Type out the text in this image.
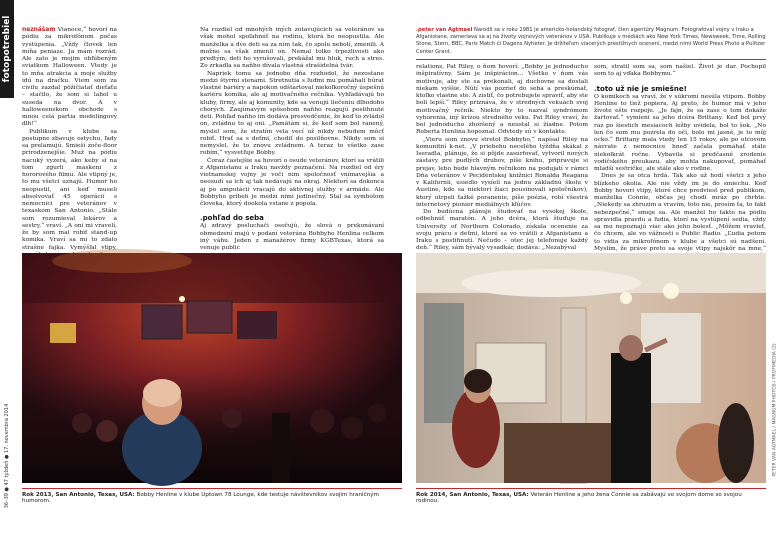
fotopotrebiel
36–39 ● 47 týždeň ● 17. novembra 2014

neznášam Vianoce,“ hovorí na pódiu za mikrofónom počas vystúpenia. „Vždy človek len míňa peniaze. Ja mám rozrád. Ale zato je mojim obľúbeným sviatkom Halloween. Vtedy je to mňa atrakcia a moje služby idú na dračku. Viem som za civilu zazdal pôžičiatať dieťaťu – stačilo, že som si lahol u suseda na dvor. A v halloweenskom obchode s mnou celá partia modelingový dlh!“

Publikum v klube sa postupne zbavuje ostychu, ľady sa prelamujú. Smieší zoče-floor prirodzenejšie. Muž na pódiu nacuký vyzerá, ako keby si na tom zgurli maskeni z hororového filmu. Ale vtipný je, to mu všetci uznajú. Humor ho neopustil, ani keď museli absolvovať 45 operácií s nemocnici pre veteránov v texaskom San Antonio. „Stále som rozumieval lekárov a sestry,“ vraví. „A oni mi vravelí, že by som mal robiť stand-up komika. Vraví sa mi to zdalo strašne fajka. Vymýšľal vtipy,

Na rozdiel od mnohých iných zotavujúcich sa veteránov sa však mohol spoľahnúť na rodinu, ktorá ho neopustila. Ale manželka a dve deti sa za ním tak, čo spolu nebolí, zmenili. A možno sa však zmenil on. Nemal tolko trpezlivosti ako predtým, deti ho vyrušovali, prekážal mu hluk, ruch a stres. Zo zrkadla sa naňho dívala vlastná strašidelná tvár.

Napriek tomu sa jednobo dňa rozhodol, že nezostane medzi štyrmi stenami. Stretnutia s ľuďmi mu pomáhali búrat vlastné bariéry a napokon odštartoval niekoľkoročný úspešnú kariéru komika, ale aj motivačného rečníka. Vyhľadávajú ho kluby, firmy, ale aj komunity, kde sa venujú liečeniu dlhodobo chorých. Zaujímavým spôsobom naňho reagujú postihnuté deti. Pohľad naňho im dodáva presvedčenie, že keď to zvládol on, zvládnu to aj oni. „Pamätám si, že keď som bol ranený, myslel som, že stratím vela vecí už nikdy nebudem môcť robiť. Hrať sa s deťmi, chodiť do posilňovne. Nikdy som si nemyslel, že to znovu zvládnem. A teraz to všetko zase robím,“ vysvetľuje Bobby.

Čoraz častejšie sa hovorí o osude veteránov, ktorí sa vrátili z Afganistanu a Iraku navždy poznačení. Na rozdiel od éry vietnamskej vojny je voči nim spoločnosť vnímavejšia a neosudí sa ich aj tak nedávajú na okraj. Niektorí sa dokonca aj po amputácii vracajú do aktívnej služby v armáde. Ale Bobbyho príbeh je medzi nimi jedinečný. Stal sa symbolom človeka, ktorý dookola vstane z popola.

.pohľad do seba

Aj zdravý posluchači osočujú, že slová o prekonávaní obmedzení majú v podaní veterána Bobbyho Henlina celkom iný váhu. Jeden z manažérov firmy KGBTexas, ktorá sa venuje public

.peter van Agtmael Narodil sa v roku 1981 je americko-holandský fotograf, člen agentúry Magnum. Fotografoval vojny v Iraku a Afganistane, zameriava sa aj na životy vojnových veteránov v USA. Publikuje v médiách ako New York Times, Newsweek, Time, Rolling Stone, Stern, BBC, Paris Match či Dagens Nyheter. Je držiteľom viacerých prestížnych ocenení, medzi nimi World Press Photo a Pulitzer Center Grant.

relations, Pat Riley, o ňom hovorí: „Bobby je jednoducho inšpiratívny. Sám je inšpirácion... Všetko v ňom vás motivuje, aby ste sa prekonali, aj duchovne sa dostali niekam vyššie. Nútí vás pozrieť do seba a preskúmať, ktoľko vlastne ste. A zistíť, čo potrebujete spraviť, aby ste boli lepší.“ Riley priznáva, že v stredných vekuách svoj mottivačný rečník. Niekto by to nazval syndrómom vyhorenia, iný krízou stredného veku. Pat Riley vraví, že bol jednoducho zhoršený a neustál si žiadne. Potom Roberta Henlina hopoznal. Odvtedy sú v kontakte.

„Vieru som znovu stretol Bobbyho,“ napísal Riley na komunitní k-net. „V priebehu necelého týždňa skákal z Iseradla, plánuje, že si pôjde zasurfovať, vytvoril nových zástavy pre pudlých drubov, píše knihu, pripravuje si prejav, lebo bude hlavným rečníkom na podujatí v rámci Dňa veteránov v Pecidentskej knižnici Ronalda Reagana v Kalifornii, usiedlo vysíelí na jednu základnú školu v Austine, kde sa niektorí žiaci pousinovali spoločníkov), ktorý utrpeli ťažké poranenie, píše poézia, robí všestrá internetový pionier mediálnych kľúčov.

Do budúcna plánuje študovať na vysokej škole, odbehnúť maratón. A jeho dcéra, ktorá študuje na University of Northern Colorado, získala ocenenie za svoju prácu s deťmi, ktoré sa vo vrátili z Afganistanu a Iraku s postihnutí. Nečudo – otec jej telefonuje každý deň.“ Riley, sám bývalý vysadkár, dodáva: „Nezabýval

som, stratil som sa, som našiel. Život je dar. Pochopil som to aj vďaka Bobbymu.“

.toto už nie je smiešne!

O komikoch sa vraví, že v súkromí nesúla vtipom. Bobby Henline to tiež popiera. Aj preto, že humor má v jeho živote ešte rozpoje. „Je fajn, že sa zase o tom dokáže žartovať.“ vymieni sa jeho dcéra Brittany. Keď bol prvý raz po šiestich mesiacoch ležby uvidela, bol to šok. „No len čo som mu pozrela do očí, bolo mi jasné, je to môj ocko.“ Brittany mala vtedy len 15 rokov, ale po otcovom návrate z nemocnice hneď začala pomáhať stále niekolkrát ročne. Vybavila si predčasné zrodenie vodičského preukazu, aby mohla nakupovať, pomáhať mladší sestričke, ale stále ako v rodine.

Dnes je sa otca hrdá. Tak ako už hodí všetci z jeho blízkeho okolia. Ale nie vždy im je do smiechu. Keď Bobby hovorí vtipy, ktoré chce predviesť pred publikom, manželka Connie, občas jej chodí mráz po chrbte. „Niekedy sa zhruzim a vravím, toto nie, prosím ťa, to fakt nebezpečné,“ smeje sa. Ale manžel ho takto na pódiu spravidla pravdu a ľudia, ktorí na vystúpení sedia, vždy sa mu nepoznajú viac ako jeho bolesť. „Môžem vravieť, čo chcem, ale vo vážnosti s Public Radio. „Ľudia potom to vidia za mikrofónom v klube a všetci sú nadšení. Myslím, že práve preto sa svoje vtipy najskôr na mne,“

Rok 2013, San Antonio, Texas, USA: Bobby Henline v klube Uptown 78 Lounge, kde testuje návštevníkov svojim hraničným humorom.
Rok 2014, San Antonio, Texas, USA: Veterán Henline a jeho žena Connie sa zabávajú vo svojom dome so svojou rodinou.
PETER VAN AGTMAEL / MAGNUM PHOTOS / PROFIMEDIA (2)
